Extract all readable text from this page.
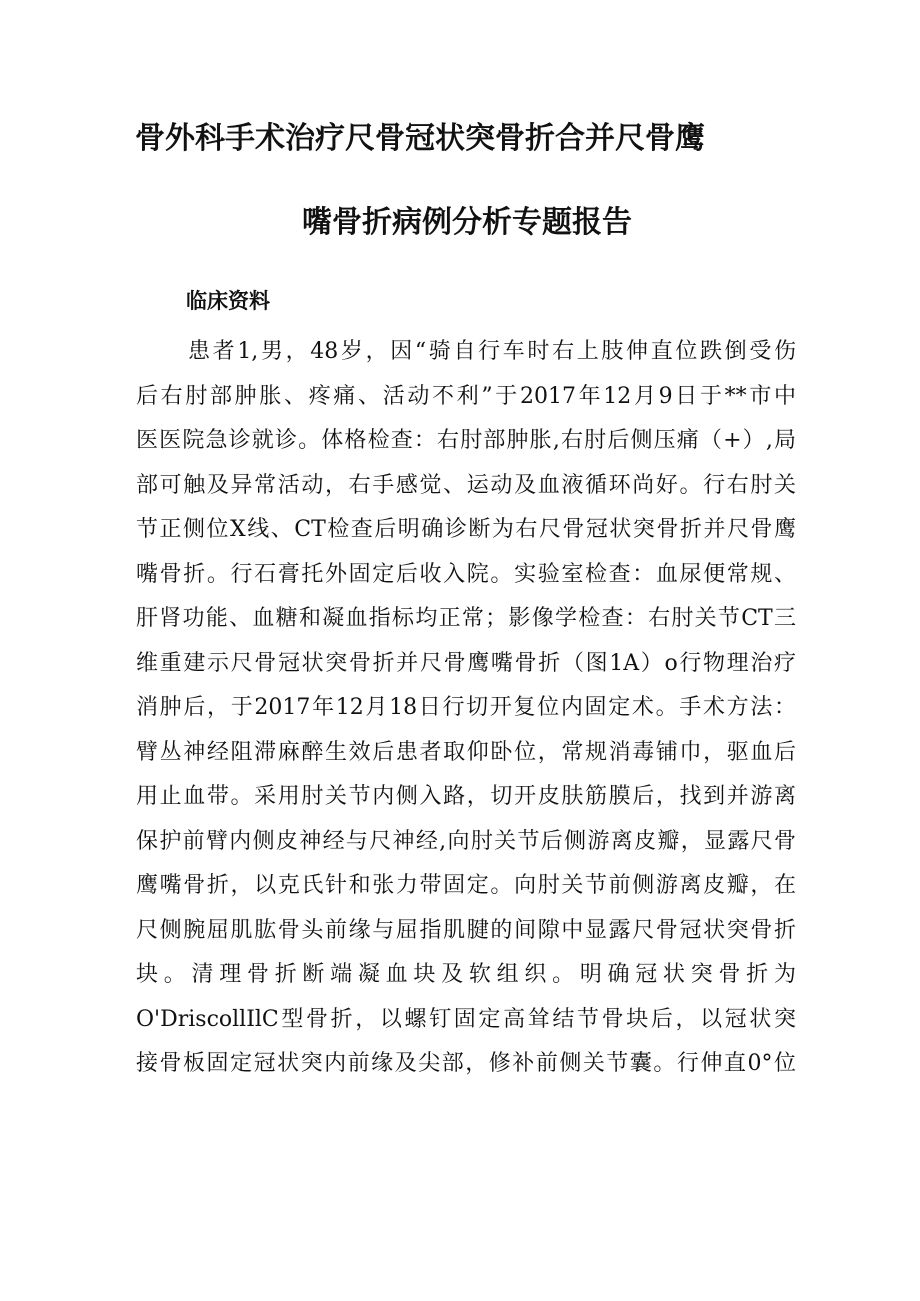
骨外科手术治疗尺骨冠状突骨折合并尺骨鹰
嘴骨折病例分析专题报告
临床资料
患者1,男，48岁，因“骑自行车时右上肢伸直位跌倒受伤
后右肘部肿胀、疼痛、活动不利”于2017年12月9日于**市中
医医院急诊就诊。体格检查：右肘部肿胀,右肘后侧压痛（+）,局
部可触及异常活动，右手感觉、运动及血液循环尚好。行右肘关
节正侧位X线、CT检查后明确诊断为右尺骨冠状突骨折并尺骨鹰
嘴骨折。行石膏托外固定后收入院。实验室检查：血尿便常规、
肝肾功能、血糖和凝血指标均正常；影像学检查：右肘关节CT三
维重建示尺骨冠状突骨折并尺骨鹰嘴骨折（图1A）o行物理治疗
消肿后，于2017年12月18日行切开复位内固定术。手术方法：
臂丛神经阻滞麻醉生效后患者取仰卧位，常规消毒铺巾，驱血后
用止血带。采用肘关节内侧入路，切开皮肤筋膜后，找到并游离
保护前臂内侧皮神经与尺神经,向肘关节后侧游离皮瓣，显露尺骨
鹰嘴骨折，以克氏针和张力带固定。向肘关节前侧游离皮瓣，在
尺侧腕屈肌肱骨头前缘与屈指肌腱的间隙中显露尺骨冠状突骨折
块。清理骨折断端凝血块及软组织。明确冠状突骨折为
O'DriscollIlC型骨折，以螺钉固定高耸结节骨块后，以冠状突
接骨板固定冠状突内前缘及尖部，修补前侧关节囊。行伸直0°位
